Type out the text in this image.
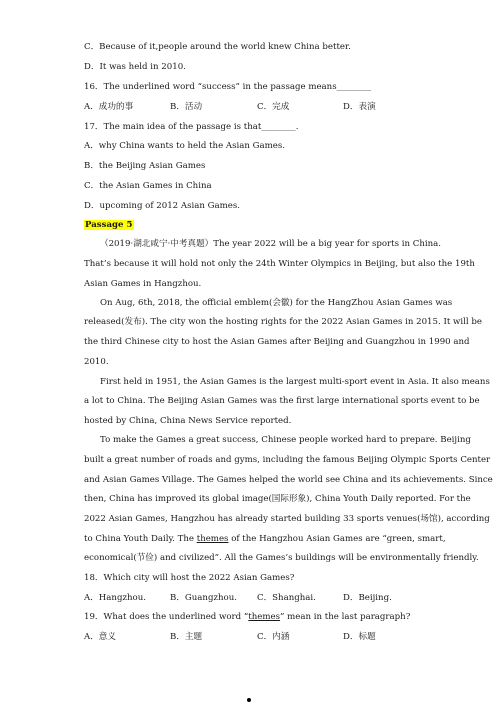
C．Because of it,people around the world knew China better.
D．It was held in 2010.
16．The underlined word “success” in the passage means________
A．成功的事	B．活动	C．完成	D．表演
17．The main idea of the passage is that________.
A．why China wants to held the Asian Games.
B．the Beijing Asian Games
C．the Asian Games in China
D．upcoming of 2012 Asian Games.
Passage 5
（2019·湖北咸宁·中考真题）The year 2022 will be a big year for sports in China.
That’s because it will hold not only the 24th Winter Olympics in Beijing, but also the 19th
Asian Games in Hangzhou.
On Aug, 6th, 2018, the official emblem(会徽) for the HangZhou Asian Games was
released(发布). The city won the hosting rights for the 2022 Asian Games in 2015. It will be
the third Chinese city to host the Asian Games after Beijing and Guangzhou in 1990 and
2010.
First held in 1951, the Asian Games is the largest multi-sport event in Asia. It also means
a lot to China. The Beijing Asian Games was the first large international sports event to be
hosted by China, China News Service reported.
To make the Games a great success, Chinese people worked hard to prepare. Beijing
built a great number of roads and gyms, including the famous Beijing Olympic Sports Center
and Asian Games Village. The Games helped the world see China and its achievements. Since
then, China has improved its global image(国际形象), China Youth Daily reported. For the
2022 Asian Games, Hangzhou has already started building 33 sports venues(场馆), according
to China Youth Daily. The themes of the Hangzhou Asian Games are “green, smart,
economical(节俭) and civilized”. All the Games’s buildings will be environmentally friendly.
18．Which city will host the 2022 Asian Games?
A．Hangzhou.	B．Guangzhou. C．Shanghai.	D．Beijing.
19．What does the underlined word “themes” mean in the last paragraph?
A．意义	B．主题	C．内涵	D．标题
